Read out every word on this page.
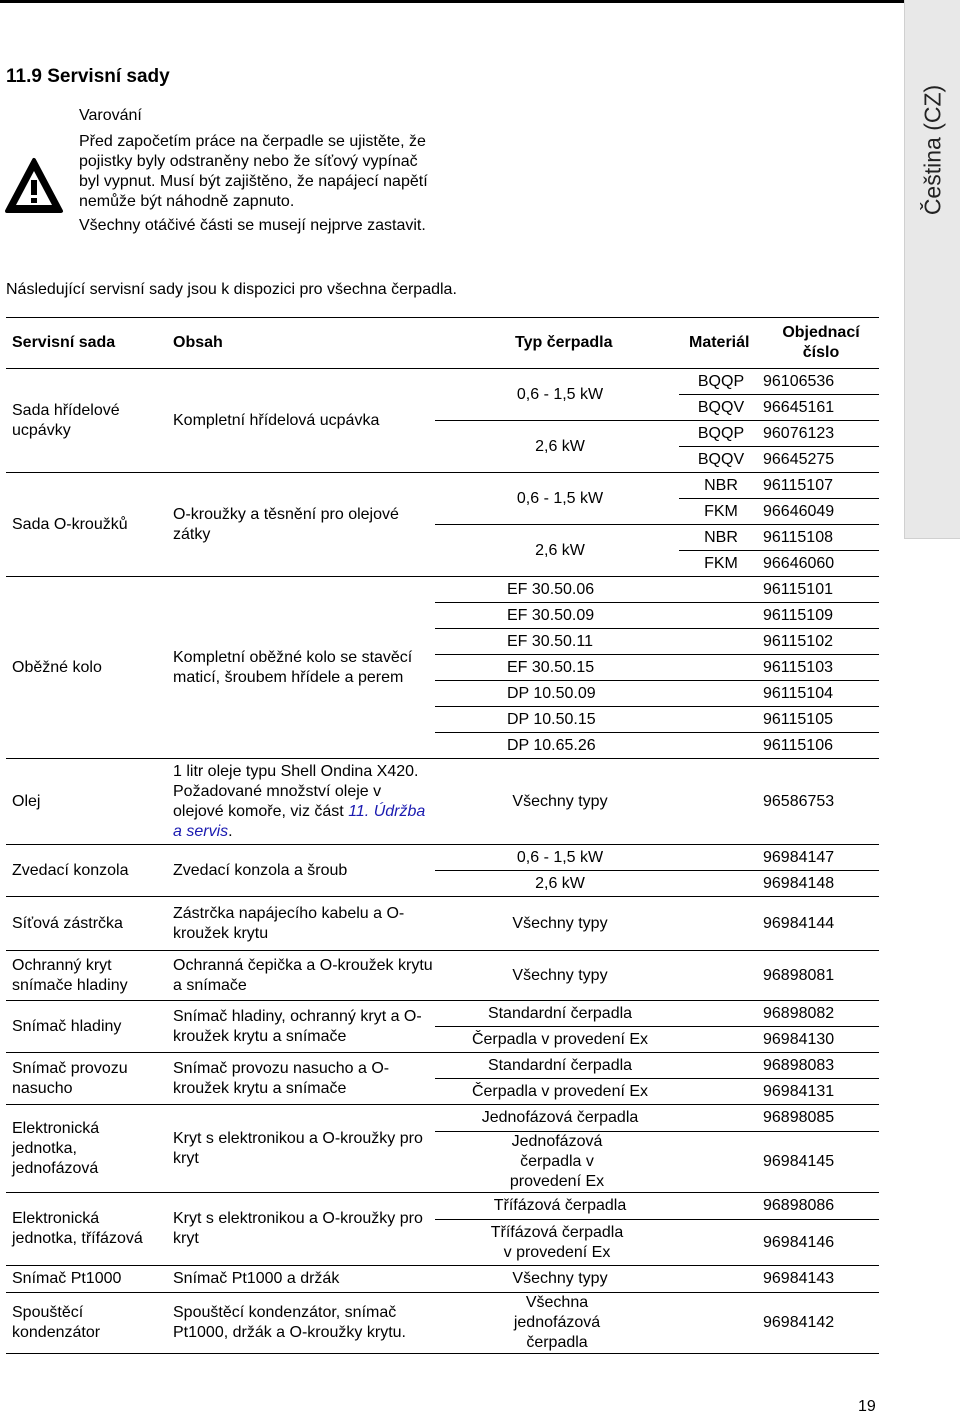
11.9 Servisní sady
Čeština (CZ)

Varování

Před započetím práce na čerpadle se ujistěte, že pojistky byly odstraněny nebo že síťový vypínač byl vypnut. Musí být zajištěno, že napájecí napětí nemůže být náhodně zapnuto.

Všechny otáčivé části se musejí nejprve zastavit.

Následující servisní sady jsou k dispozici pro všechna čerpadla.

Servisní sada	Obsah	Typ čerpadla	Materiál	Objednací číslo
Sada hřídelové ucpávky	Kompletní hřídelová ucpávka	0,6 - 1,5 kW	BQQP	96106536
			BQQV	96645161
		2,6 kW	BQQP	96076123
			BQQV	96645275
Sada O-kroužků	O-kroužky a těsnění pro olejové zátky	0,6 - 1,5 kW	NBR	96115107
			FKM	96646049
		2,6 kW	NBR	96115108
			FKM	96646060
Oběžné kolo	Kompletní oběžné kolo se stavěcí maticí, šroubem hřídele a perem	EF 30.50.06		96115101
		EF 30.50.09		96115109
		EF 30.50.11		96115102
		EF 30.50.15		96115103
		DP 10.50.09		96115104
		DP 10.50.15		96115105
		DP 10.65.26		96115106
Olej	1 litr oleje typu Shell Ondina X420. Požadované množství oleje v olejové komoře, viz část 11. Údržba a servis.	Všechny typy		96586753
Zvedací konzola	Zvedací konzola a šroub	0,6 - 1,5 kW		96984147
		2,6 kW		96984148
Síťová zástrčka	Zástrčka napájecího kabelu a O-kroužek krytu	Všechny typy		96984144
Ochranný kryt snímače hladiny	Ochranná čepička a O-kroužek krytu a snímače	Všechny typy		96898081
Snímač hladiny	Snímač hladiny, ochranný kryt a O-kroužek krytu a snímače	Standardní čerpadla		96898082
		Čerpadla v provedení Ex		96984130
Snímač provozu nasucho	Snímač provozu nasucho a O-kroužek krytu a snímače	Standardní čerpadla		96898083
		Čerpadla v provedení Ex		96984131
Elektronická jednotka, jednofázová	Kryt s elektronikou a O-kroužky pro kryt	Jednofázová čerpadla		96898085
		Jednofázová čerpadla v provedení Ex		96984145
Elektronická jednotka, třífázová	Kryt s elektronikou a O-kroužky pro kryt	Třífázová čerpadla		96898086
		Třífázová čerpadla v provedení Ex		96984146
Snímač Pt1000	Snímač Pt1000 a držák	Všechny typy		96984143
Spouštěcí kondenzátor	Spouštěcí kondenzátor, snímač Pt1000, držák a O-kroužky krytu.	Všechna jednofázová čerpadla		96984142
19
